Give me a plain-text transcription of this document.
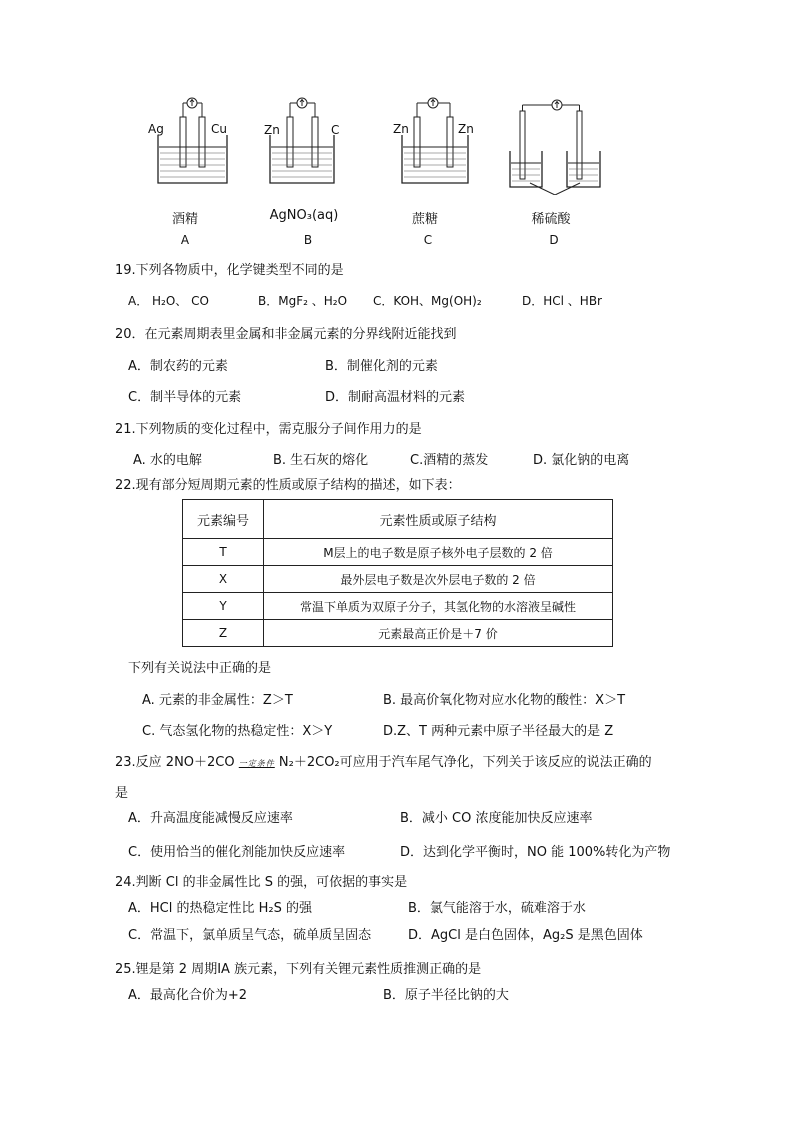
Ag	Cu
酒精
A
Zn	C
AgNO₃(aq)
B
Zn	Zn
蔗糖
C
稀硫酸
D
19.下列各物质中，化学键类型不同的是
A． H₂O、 CO	B．MgF₂ 、H₂O C．KOH、Mg(OH)₂	D．HCl 、HBr
20．在元素周期表里金属和非金属元素的分界线附近能找到
A．制农药的元素	B．制催化剂的元素
C．制半导体的元素	D．制耐高温材料的元素
21.下列物质的变化过程中，需克服分子间作用力的是
A. 水的电解	B. 生石灰的熔化	C.酒精的蒸发	D. 氯化钠的电离
22.现有部分短周期元素的性质或原子结构的描述，如下表：
元素编号	元素性质或原子结构
T	M层上的电子数是原子核外电子层数的 2 倍
X	最外层电子数是次外层电子数的 2 倍
Y	常温下单质为双原子分子，其氢化物的水溶液呈碱性
Z	元素最高正价是＋7 价
下列有关说法中正确的是
A. 元素的非金属性：Z＞T	B. 最高价氧化物对应水化物的酸性：X＞T
C. 气态氢化物的热稳定性：X＞Y	D.Z、T 两种元素中原子半径最大的是 Z
23.反应 2NO＋2CO 一定条件 N₂＋2CO₂可应用于汽车尾气净化，下列关于该反应的说法正确的
是
A．升高温度能减慢反应速率	B．减小 CO 浓度能加快反应速率
C．使用恰当的催化剂能加快反应速率	D．达到化学平衡时，NO 能 100%转化为产物
24.判断 Cl 的非金属性比 S 的强，可依据的事实是
A．HCl 的热稳定性比 H₂S 的强	B．氯气能溶于水，硫难溶于水
C．常温下，氯单质呈气态，硫单质呈固态	D．AgCl 是白色固体，Ag₂S 是黑色固体
25.锂是第 2 周期ⅠA 族元素，下列有关锂元素性质推测正确的是
A．最高化合价为+2	B．原子半径比钠的大
